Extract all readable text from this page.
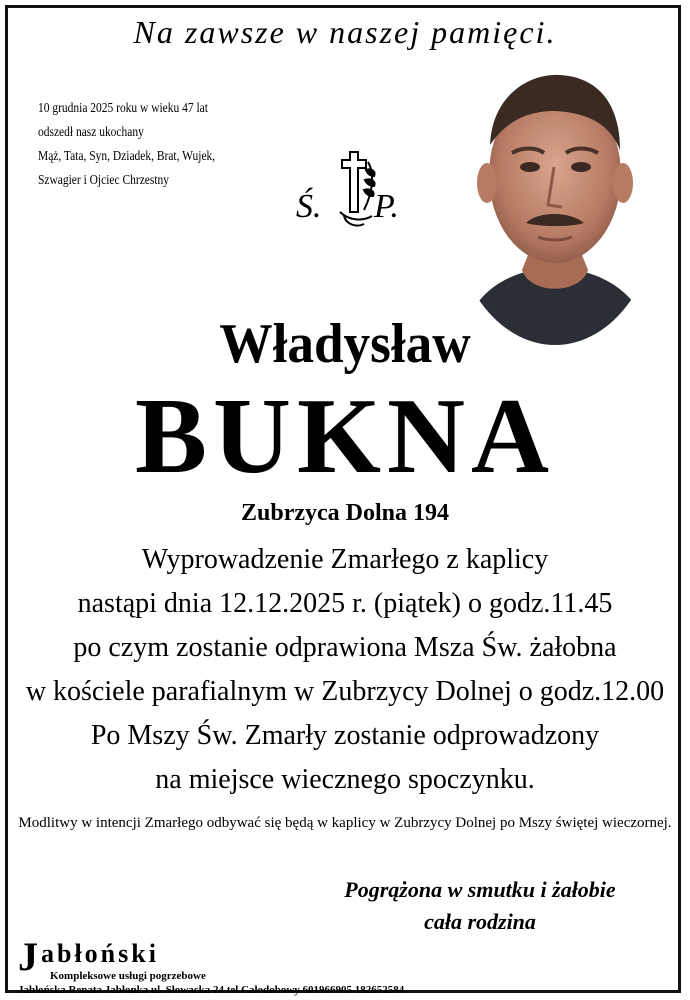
Na zawsze w naszej pamięci.
10 grudnia 2025 roku w wieku 47 lat
odszedł nasz ukochany
Mąż, Tata, Syn, Dziadek, Brat, Wujek,
Szwagier i Ojciec Chrzestny
Ś. P.
Władysław
BUKNA
Zubrzyca Dolna 194
Wyprowadzenie Zmarłego z kaplicy
nastąpi dnia 12.12.2025 r. (piątek) o godz.11.45
po czym zostanie odprawiona Msza Św. żałobna
w kościele parafialnym w Zubrzycy Dolnej o godz.12.00
Po Mszy Św. Zmarły zostanie odprowadzony
na miejsce wiecznego spoczynku.
Modlitwy w intencji Zmarłego odbywać się będą w kaplicy w Zubrzycy Dolnej po Mszy świętej wieczornej.
Pogrążona w smutku i żałobie
cała rodzina
Jabłoński
Kompleksowe usługi pogrzebowe
Jabłońska Renata Jabłonka ul. Słowacka 24 tel Całodobowy 601966905 182652584
